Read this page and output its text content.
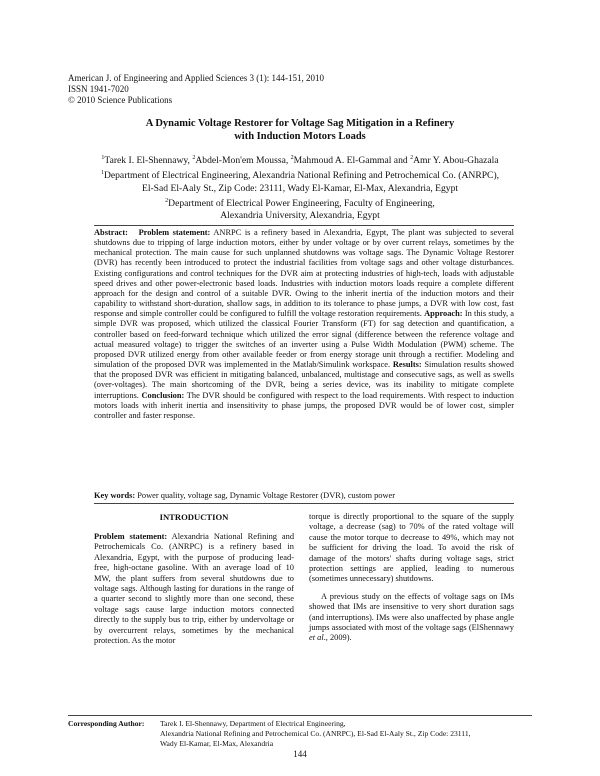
American J. of Engineering and Applied Sciences 3 (1): 144-151, 2010
ISSN 1941-7020
© 2010 Science Publications
A Dynamic Voltage Restorer for Voltage Sag Mitigation in a Refinery
with Induction Motors Loads
$^1$Tarek I. El-Shennawy, $^2$Abdel-Mon'em Moussa, $^2$Mahmoud A. El-Gammal and $^2$Amr Y. Abou-Ghazala
$^1$Department of Electrical Engineering, Alexandria National Refining and Petrochemical Co. (ANRPC),
El-Sad El-Aaly St., Zip Code: 23111, Wady El-Kamar, El-Max, Alexandria, Egypt
$^2$Department of Electrical Power Engineering, Faculty of Engineering,
Alexandria University, Alexandria, Egypt
Abstract: Problem statement: ANRPC is a refinery based in Alexandria, Egypt, The plant was subjected to several shutdowns due to tripping of large induction motors, either by under voltage or by over current relays, sometimes by the mechanical protection. The main cause for such unplanned shutdowns was voltage sags. The Dynamic Voltage Restorer (DVR) has recently been introduced to protect the industrial facilities from voltage sags and other voltage disturbances. Existing configurations and control techniques for the DVR aim at protecting industries of high-tech, loads with adjustable speed drives and other power-electronic based loads. Industries with induction motors loads require a complete different approach for the design and control of a suitable DVR. Owing to the inherit inertia of the induction motors and their capability to withstand short-duration, shallow sags, in addition to its tolerance to phase jumps, a DVR with low cost, fast response and simple controller could be configured to fulfill the voltage restoration requirements. Approach: In this study, a simple DVR was proposed, which utilized the classical Fourier Transform (FT) for sag detection and quantification, a controller based on feed-forward technique which utilized the error signal (difference between the reference voltage and actual measured voltage) to trigger the switches of an inverter using a Pulse Width Modulation (PWM) scheme. The proposed DVR utilized energy from other available feeder or from energy storage unit through a rectifier. Modeling and simulation of the proposed DVR was implemented in the Matlab/Simulink workspace. Results: Simulation results showed that the proposed DVR was efficient in mitigating balanced, unbalanced, multistage and consecutive sags, as well as swells (over-voltages). The main shortcoming of the DVR, being a series device, was its inability to mitigate complete interruptions. Conclusion: The DVR should be configured with respect to the load requirements. With respect to induction motors loads with inherit inertia and insensitivity to phase jumps, the proposed DVR would be of lower cost, simpler controller and faster response.
Key words: Power quality, voltage sag, Dynamic Voltage Restorer (DVR), custom power
INTRODUCTION

Problem statement: Alexandria National Refining and Petrochemicals Co. (ANRPC) is a refinery based in Alexandria, Egypt, with the purpose of producing lead-free, high-octane gasoline. With an average load of 10 MW, the plant suffers from several shutdowns due to voltage sags. Although lasting for durations in the range of a quarter second to slightly more than one second, these voltage sags cause large induction motors connected directly to the supply bus to trip, either by undervoltage or by overcurrent relays, sometimes by the mechanical protection. As the motor

torque is directly proportional to the square of the supply voltage, a decrease (sag) to 70% of the rated voltage will cause the motor torque to decrease to 49%, which may not be sufficient for driving the load. To avoid the risk of damage of the motors' shafts during voltage sags, strict protection settings are applied, leading to numerous (sometimes unnecessary) shutdowns.

A previous study on the effects of voltage sags on IMs showed that IMs are insensitive to very short duration sags (and interruptions). IMs were also unaffected by phase angle jumps associated with most of the voltage sags (ElShennawy et al., 2009).

Corresponding Author: Tarek I. El-Shennawy, Department of Electrical Engineering,
Alexandria National Refining and Petrochemical Co. (ANRPC), El-Sad El-Aaly St., Zip Code: 23111,
Wady El-Kamar, El-Max, Alexandria
144
